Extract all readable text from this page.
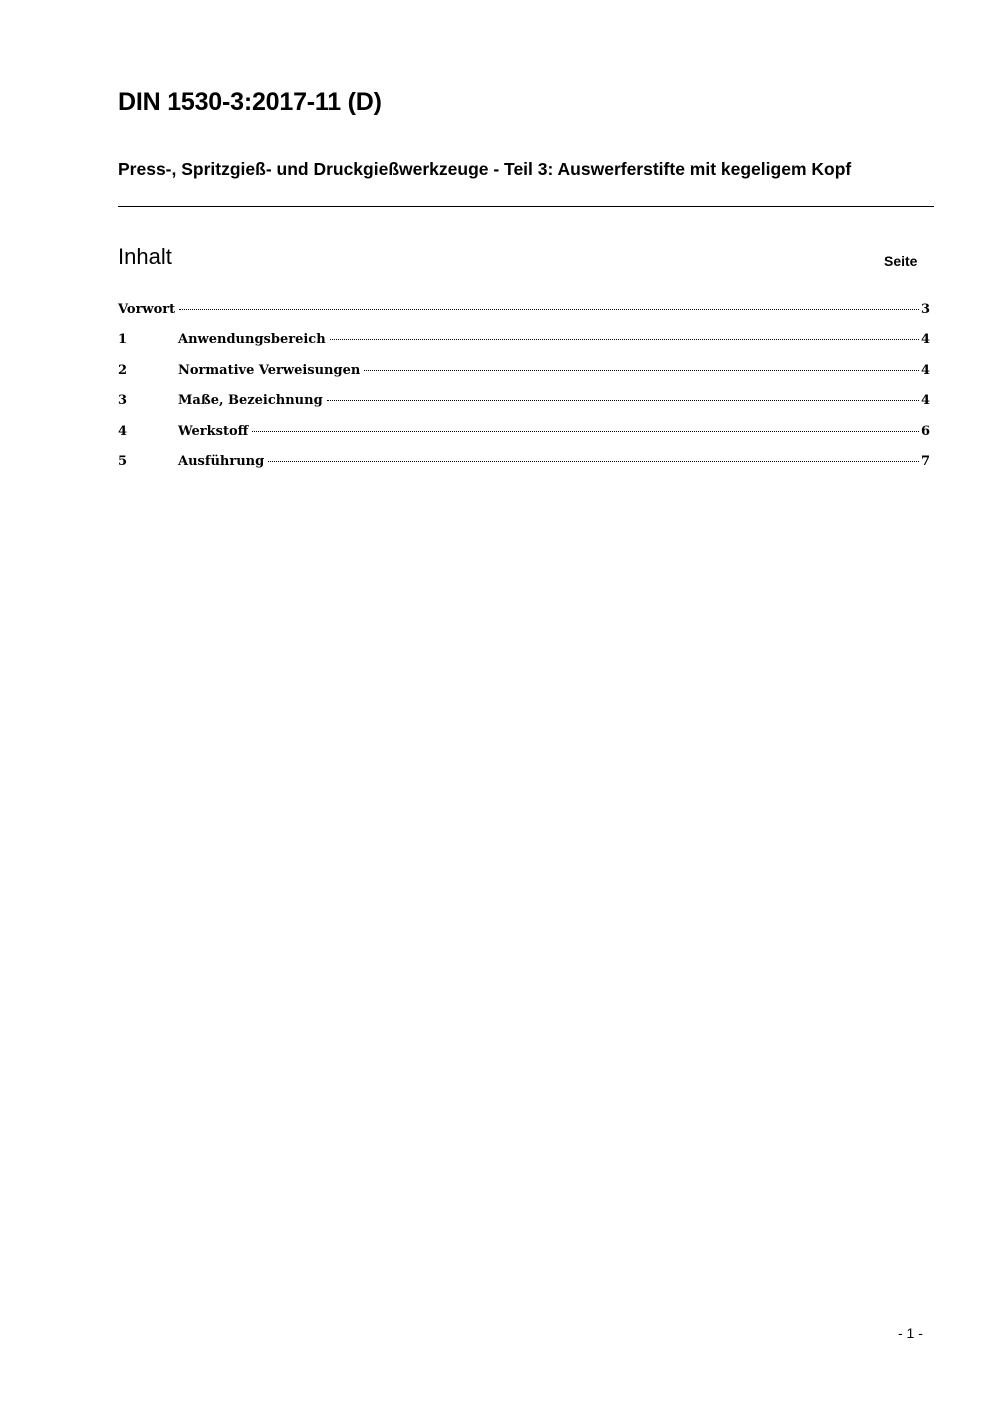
DIN 1530-3:2017-11 (D)
Press-, Spritzgieß- und Druckgießwerkzeuge - Teil 3: Auswerferstifte mit kegeligem Kopf
Inhalt	Seite
Vorwort	3
1	Anwendungsbereich	4
2	Normative Verweisungen	4
3	Maße, Bezeichnung	4
4	Werkstoff	6
5	Ausführung	7
- 1 -
